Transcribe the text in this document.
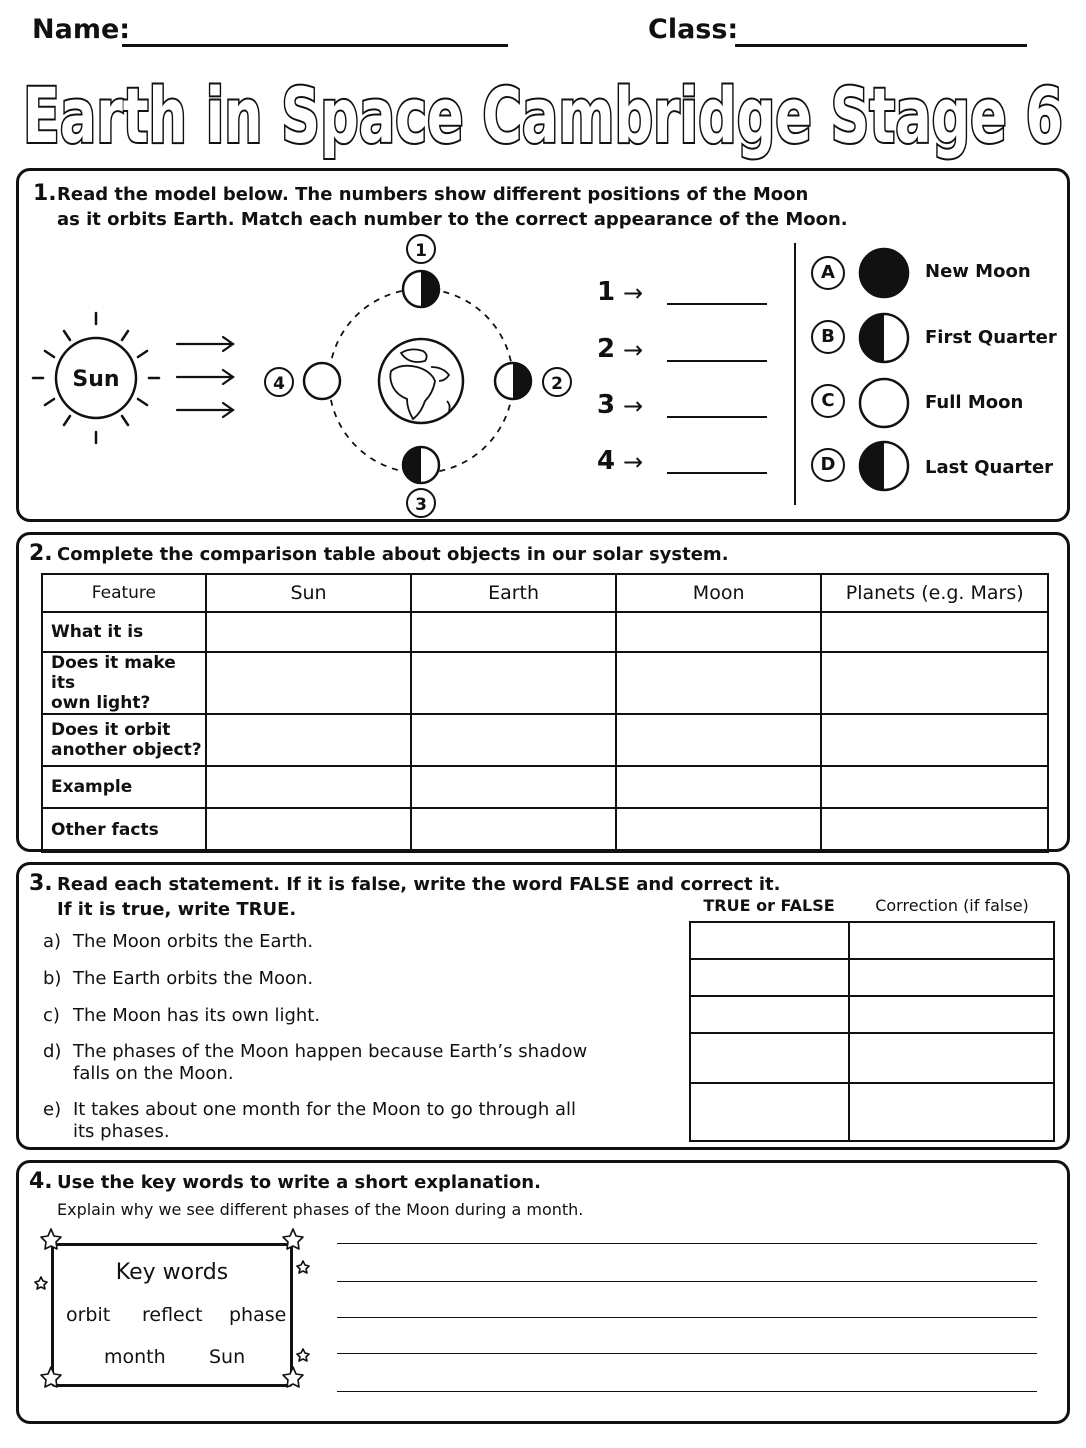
Name:	Class:
Earth in Space Cambridge Stage 6
1. Read the model below. The numbers show different positions of the Moon
as it orbits Earth. Match each number to the correct appearance of the Moon.
Sun
1
2
3
4
1 →
2 →
3 →
4 →
A	New Moon
B	First Quarter
C	Full Moon
D	Last Quarter
2. Complete the comparison table about objects in our solar system.
Feature	Sun	Earth	Moon	Planets (e.g. Mars)
What it is				
Does it make its
own light?				
Does it orbit
another object?				
Example				
Other facts				
3. Read each statement. If it is false, write the word FALSE and correct it.
If it is true, write TRUE.
a) The Moon orbits the Earth.
b) The Earth orbits the Moon.
c) The Moon has its own light.
d) The phases of the Moon happen because Earth’s shadow
falls on the Moon.
e) It takes about one month for the Moon to go through all
its phases.
TRUE or FALSE	Correction (if false)

4. Use the key words to write a short explanation.
Explain why we see different phases of the Moon during a month.
Key words
orbit reflect phase
month Sun
